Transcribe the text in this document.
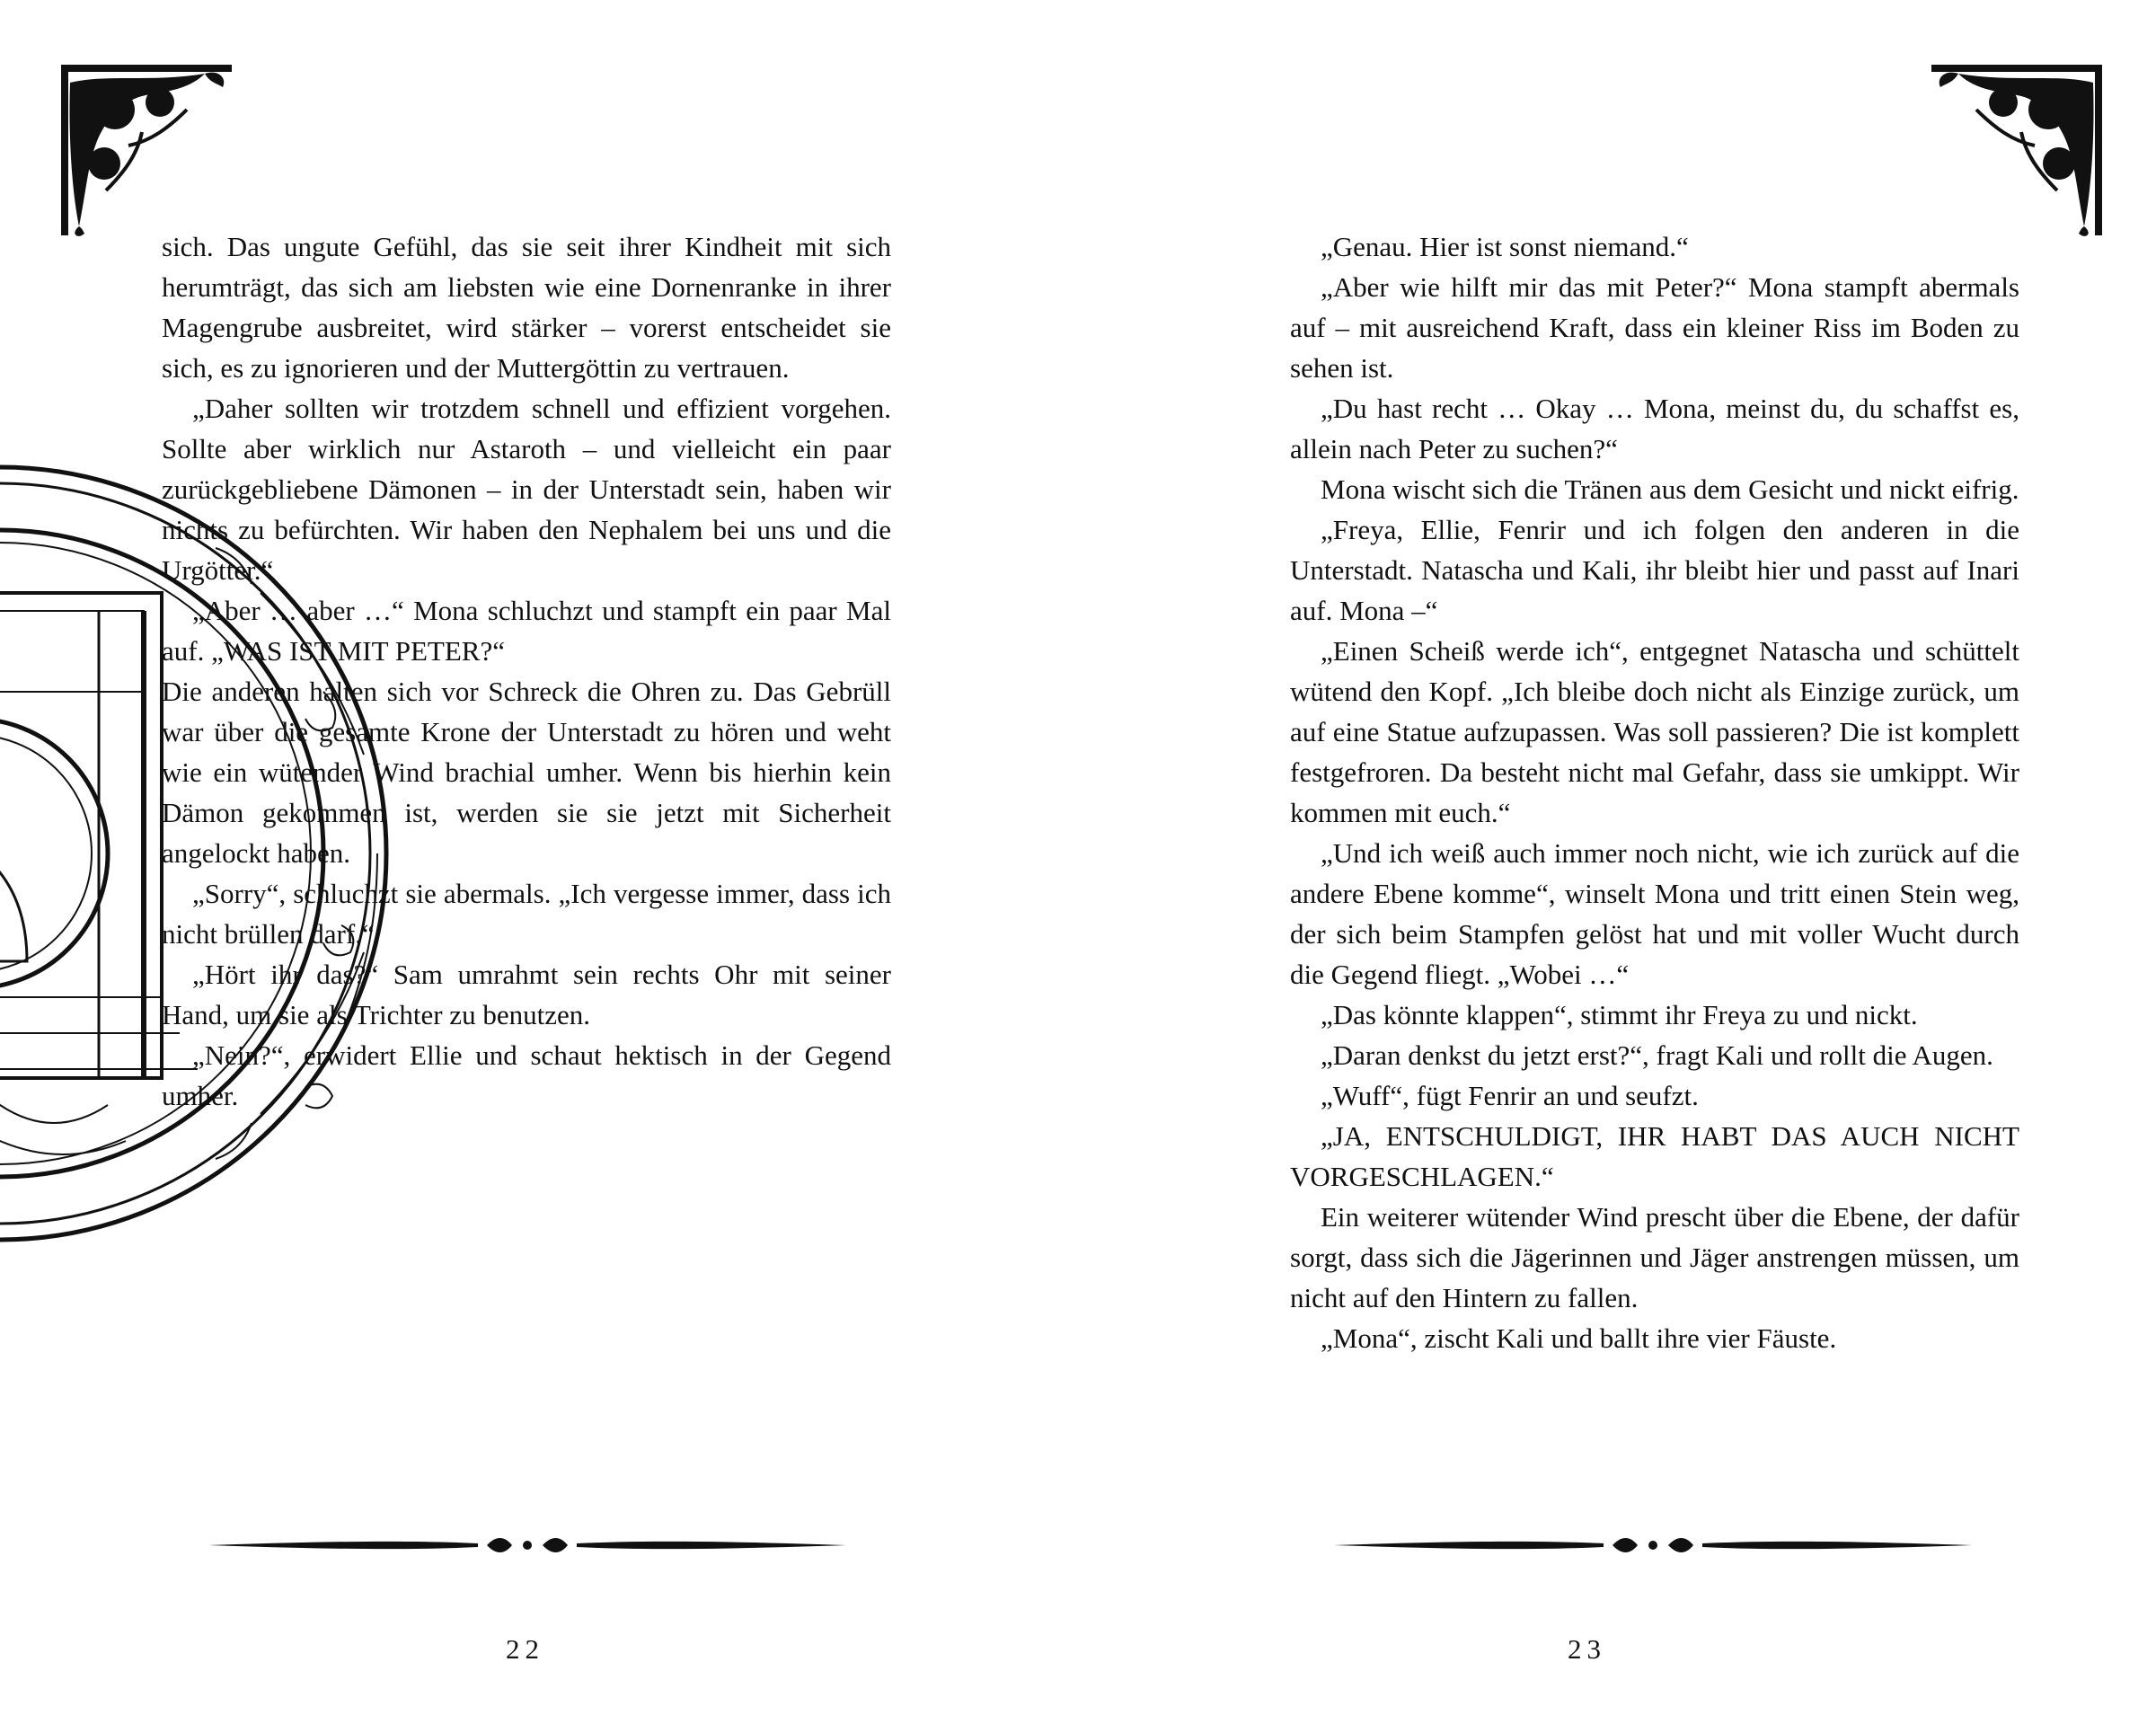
sich. Das ungute Gefühl, das sie seit ihrer Kindheit mit sich herumträgt, das sich am liebsten wie eine Dornenranke in ihrer Magengrube ausbreitet, wird stärker – vorerst entscheidet sie sich, es zu ignorieren und der Muttergöttin zu vertrauen.

„Daher sollten wir trotzdem schnell und effizient vorgehen. Sollte aber wirklich nur Astaroth – und vielleicht ein paar zurückgebliebene Dämonen – in der Unterstadt sein, haben wir nichts zu befürchten. Wir haben den Nephalem bei uns und die Urgötter.“

„Aber … aber …“ Mona schluchzt und stampft ein paar Mal auf. „WAS IST MIT PETER?“

Die anderen halten sich vor Schreck die Ohren zu. Das Gebrüll war über die gesamte Krone der Unterstadt zu hören und weht wie ein wütender Wind brachial umher. Wenn bis hierhin kein Dämon gekommen ist, werden sie sie jetzt mit Sicherheit angelockt haben.

„Sorry“, schluchzt sie abermals. „Ich vergesse immer, dass ich nicht brüllen darf.“

„Hört ihr das?“ Sam umrahmt sein rechts Ohr mit seiner Hand, um sie als Trichter zu benutzen.

„Nein?“, erwidert Ellie und schaut hektisch in der Gegend umher.

22

„Genau. Hier ist sonst niemand.“

„Aber wie hilft mir das mit Peter?“ Mona stampft abermals auf – mit ausreichend Kraft, dass ein kleiner Riss im Boden zu sehen ist.

„Du hast recht … Okay … Mona, meinst du, du schaffst es, allein nach Peter zu suchen?“

Mona wischt sich die Tränen aus dem Gesicht und nickt eifrig.

„Freya, Ellie, Fenrir und ich folgen den anderen in die Unterstadt. Natascha und Kali, ihr bleibt hier und passt auf Inari auf. Mona –“

„Einen Scheiß werde ich“, entgegnet Natascha und schüttelt wütend den Kopf. „Ich bleibe doch nicht als Einzige zurück, um auf eine Statue aufzupassen. Was soll passieren? Die ist komplett festgefroren. Da besteht nicht mal Gefahr, dass sie umkippt. Wir kommen mit euch.“

„Und ich weiß auch immer noch nicht, wie ich zurück auf die andere Ebene komme“, winselt Mona und tritt einen Stein weg, der sich beim Stampfen gelöst hat und mit voller Wucht durch die Gegend fliegt. „Wobei …“

„Das könnte klappen“, stimmt ihr Freya zu und nickt.

„Daran denkst du jetzt erst?“, fragt Kali und rollt die Augen.

„Wuff“, fügt Fenrir an und seufzt.

„JA, ENTSCHULDIGT, IHR HABT DAS AUCH NICHT VORGESCHLAGEN.“

Ein weiterer wütender Wind prescht über die Ebene, der dafür sorgt, dass sich die Jägerinnen und Jäger anstrengen müssen, um nicht auf den Hintern zu fallen.

„Mona“, zischt Kali und ballt ihre vier Fäuste.

23
